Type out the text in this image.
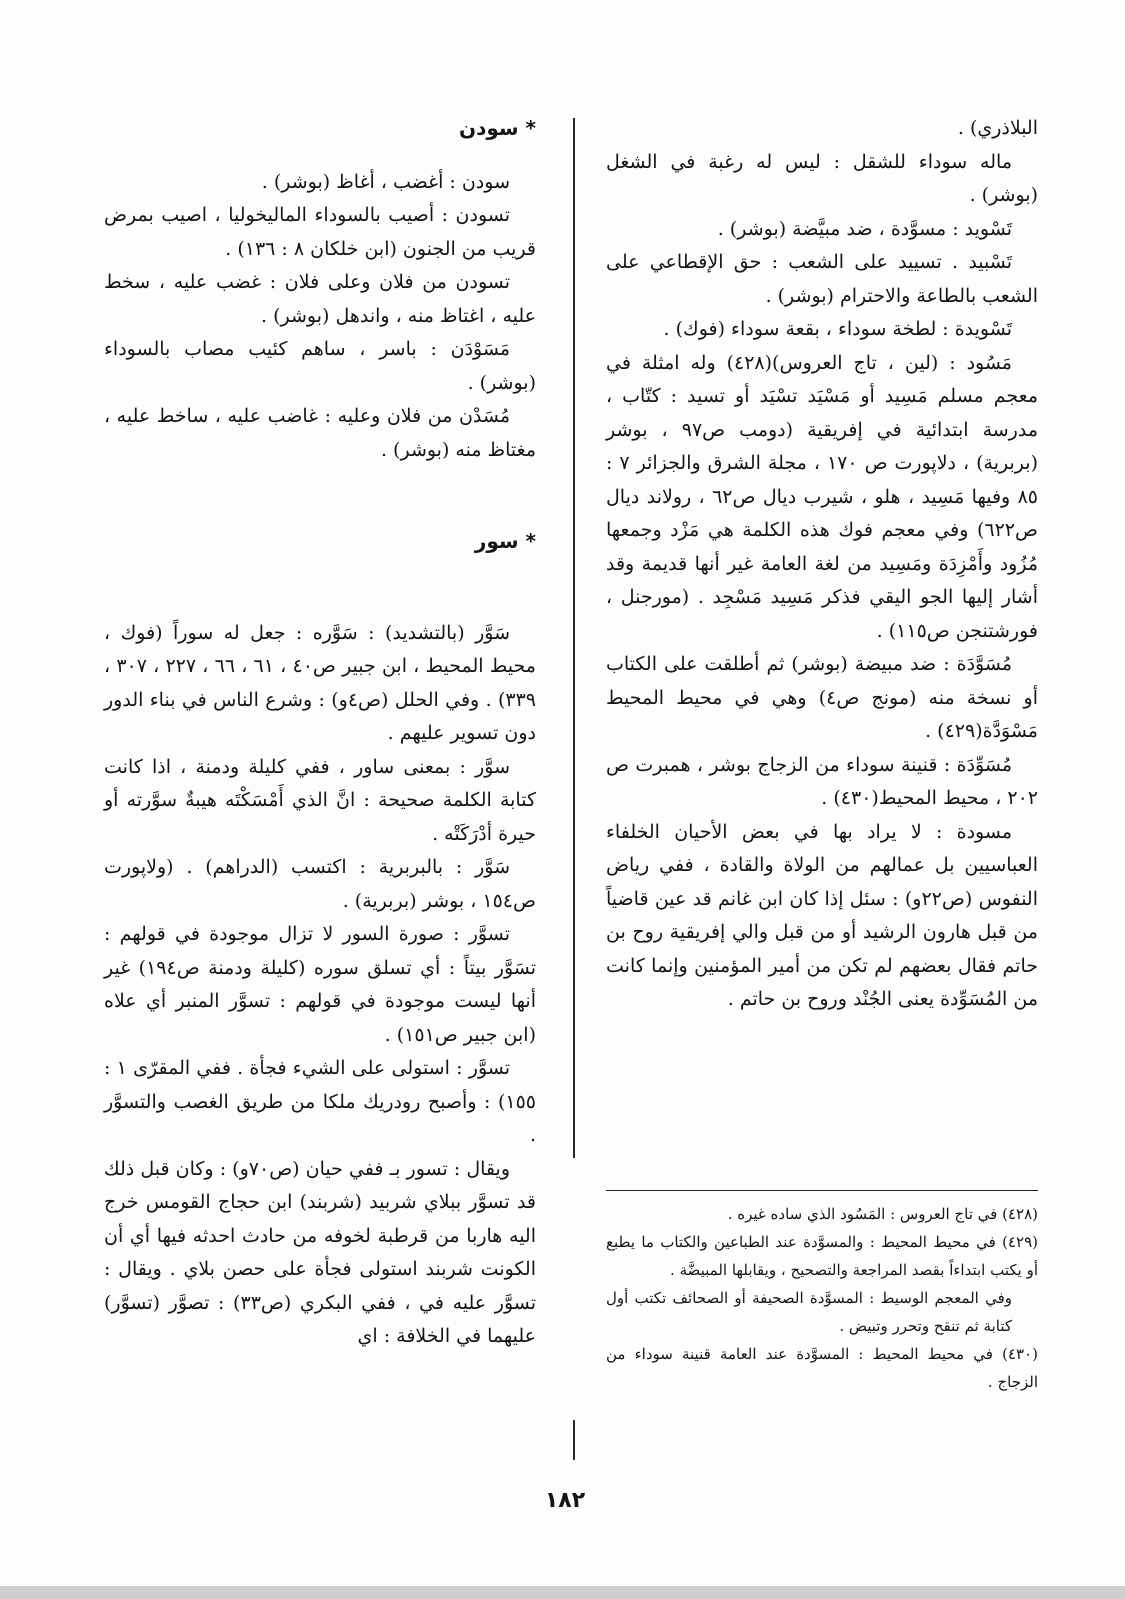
البلاذري) .

ماله سوداء للشقل : ليس له رغبة في الشغل (بوشر) .

تَسْويد : مسوَّدة ، ضد مبيَّضة (بوشر) .

تَسْبيد . تسييد على الشعب : حق الإقطاعي على الشعب بالطاعة والاحترام (بوشر) .

تَسْويدة : لطخة سوداء ، بقعة سوداء (فوك) .

مَسُود : (لين ، تاج العروس)(٤٢٨) وله امثلة في معجم مسلم مَسِيد أو مَسْيَد تسْيَد أو تسيد : كتّاب ، مدرسة ابتدائية في إفريقية (دومب ص٩٧ ، بوشر (بربرية) ، دلاپورت ص ١٧٠ ، مجلة الشرق والجزائر ٧ : ٨٥ وفيها مَسِيد ، هلو ، شيرب ديال ص٦٢ ، رولاند ديال ص٦٢٢) وفي معجم فوك هذه الكلمة هي مَزْد وجمعها مُزُود وأَمْزِدَة ومَسِيد من لغة العامة غير أنها قديمة وقد أشار إليها الجو اليقي فذكر مَسِيد مَسْجِد . (مورجنل ، فورشتنجن ص١١٥) .

مُسَوَّدَة : ضد مبيضة (بوشر) ثم أطلقت على الكتاب أو نسخة منه (مونج ص٤) وهي في محيط المحيط مَسْوَدَّة(٤٢٩) .

مُسَوِّدَة : قنينة سوداء من الزجاج بوشر ، همبرت ص ٢٠٢ ، محيط المحيط(٤٣٠) .

مسودة : لا يراد بها في بعض الأحيان الخلفاء العباسيين بل عمالهم من الولاة والقادة ، ففي رياض النفوس (ص٢٢و) : سئل إذا كان ابن غانم قد عين قاضياً من قبل هارون الرشيد أو من قبل والي إفريقية روح بن حاتم فقال بعضهم لم تكن من أمير المؤمنين وإنما كانت من المُسَوِّدة يعنى الجُنْد وروح بن حاتم .

* سودن

سودن : أغضب ، أغاظ (بوشر) .

تسودن : أصيب بالسوداء الماليخوليا ، اصيب بمرض قريب من الجنون (ابن خلكان ٨ : ١٣٦) .

تسودن من فلان وعلى فلان : غضب عليه ، سخط عليه ، اغتاظ منه ، واندهل (بوشر) .

مَسَوْدَن : باسر ، ساهم كئيب مصاب بالسوداء (بوشر) .

مُسَدْن من فلان وعليه : غاضب عليه ، ساخط عليه ، مغتاظ منه (بوشر) .

* سور

سَوَّر (بالتشديد) : سَوَّره : جعل له سوراً (فوك ، محيط المحيط ، ابن جبير ص٤٠ ، ٦١ ، ٦٦ ، ٢٢٧ ، ٣٠٧ ، ٣٣٩) . وفي الحلل (ص٤و) : وشرع الناس في بناء الدور دون تسوير عليهم .

سوَّر : بمعنى ساور ، ففي كليلة ودمنة ، اذا كانت كتابة الكلمة صحيحة : انَّ الذي أَمْسَكْتَه هيبةٌ سوَّرته أو حيرة أدْرَكَتْه .

سَوَّر : بالبربرية : اكتسب (الدراهم) . (ولاپورت ص١٥٤ ، بوشر (بربرية) .

تسوَّر : صورة السور لا تزال موجودة في قولهم : تسَوَّر بيتاً : أي تسلق سوره (كليلة ودمنة ص١٩٤) غير أنها ليست موجودة في قولهم : تسوَّر المنبر أي علاه (ابن جبير ص١٥١) .

تسوَّر : استولى على الشيء فجأة . ففي المقرّى ١ : ١٥٥) : وأصبح رودريك ملكا من طريق الغصب والتسوَّر .

ويقال : تسور بـ ففي حيان (ص٧٠و) : وكان قبل ذلك قد تسوَّر ببلاي شربيد (شربند) ابن حجاج القومس خرج اليه هاربا من قرطبة لخوفه من حادث احدثه فيها أي أن الكونت شربند استولى فجأة على حصن بلاي . ويقال : تسوَّر عليه في ، ففي البكري (ص٣٣) : تصوَّر (تسوَّر) عليهما في الخلافة : اي

(٤٢٨) في تاج العروس : المَسُود الذي ساده غيره .

(٤٢٩) في محيط المحيط : والمسوَّدة عند الطباعين والكتاب ما يطبع أو يكتب ابتداءاً بقصد المراجعة والتصحيح ، ويقابلها المبيضَّة .

وفي المعجم الوسيط : المسوَّدة الصحيفة أو الصحائف تكتب أول كتابة ثم تنقح وتحرر وتبيض .

(٤٣٠) في محيط المحيط : المسوَّدة عند العامة قنينة سوداء من الزجاج .

١٨٢
